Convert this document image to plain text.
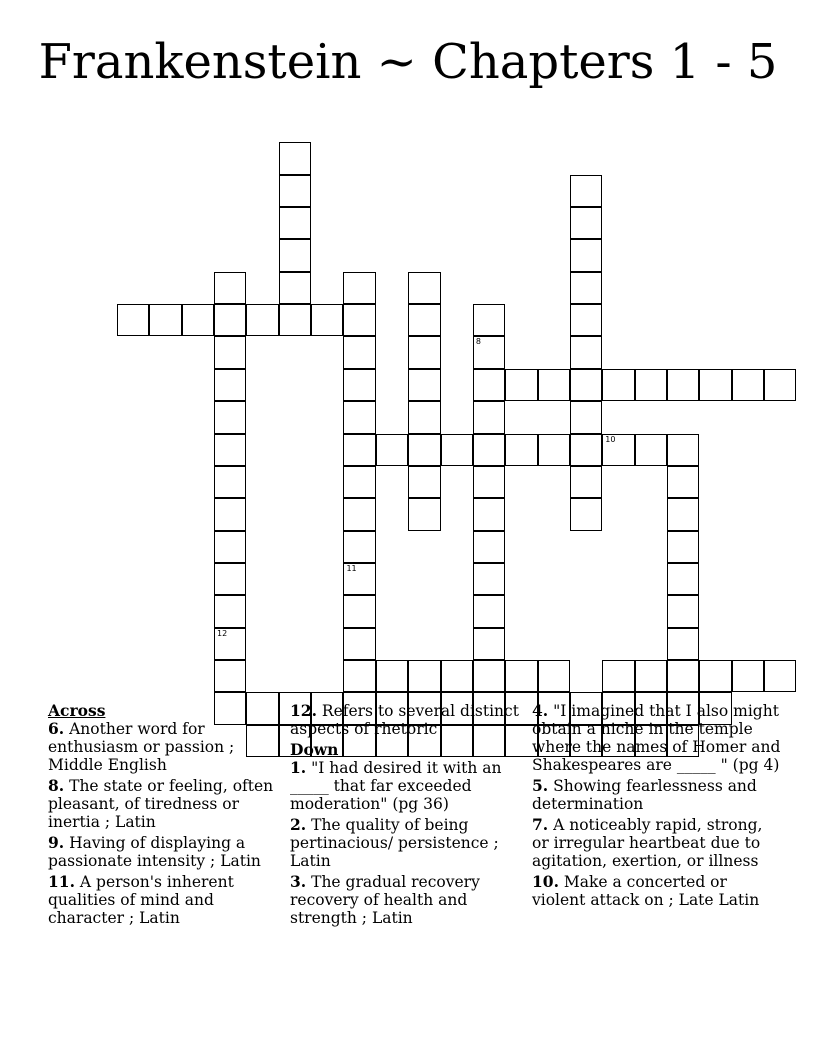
Frankenstein ~ Chapters 1 - 5
12
11
8
10
Across
6. Another word for enthusiasm or passion ; Middle English
8. The state or feeling, often pleasant, of tiredness or inertia ; Latin
9. Having of displaying a passionate intensity ; Latin
11. A person's inherent qualities of mind and character ; Latin
12. Refers to several distinct aspects of rhetoric
Down
1. "I had desired it with an _____ that far exceeded moderation" (pg 36)
2. The quality of being pertinacious/ persistence ; Latin
3. The gradual recovery recovery of health and strength ; Latin
4. "I imagined that I also might obtain a niche in the temple where the names of Homer and Shakespeares are _____ " (pg 4)
5. Showing fearlessness and determination
7. A noticeably rapid, strong, or irregular heartbeat due to agitation, exertion, or illness
10. Make a concerted or violent attack on ; Late Latin
